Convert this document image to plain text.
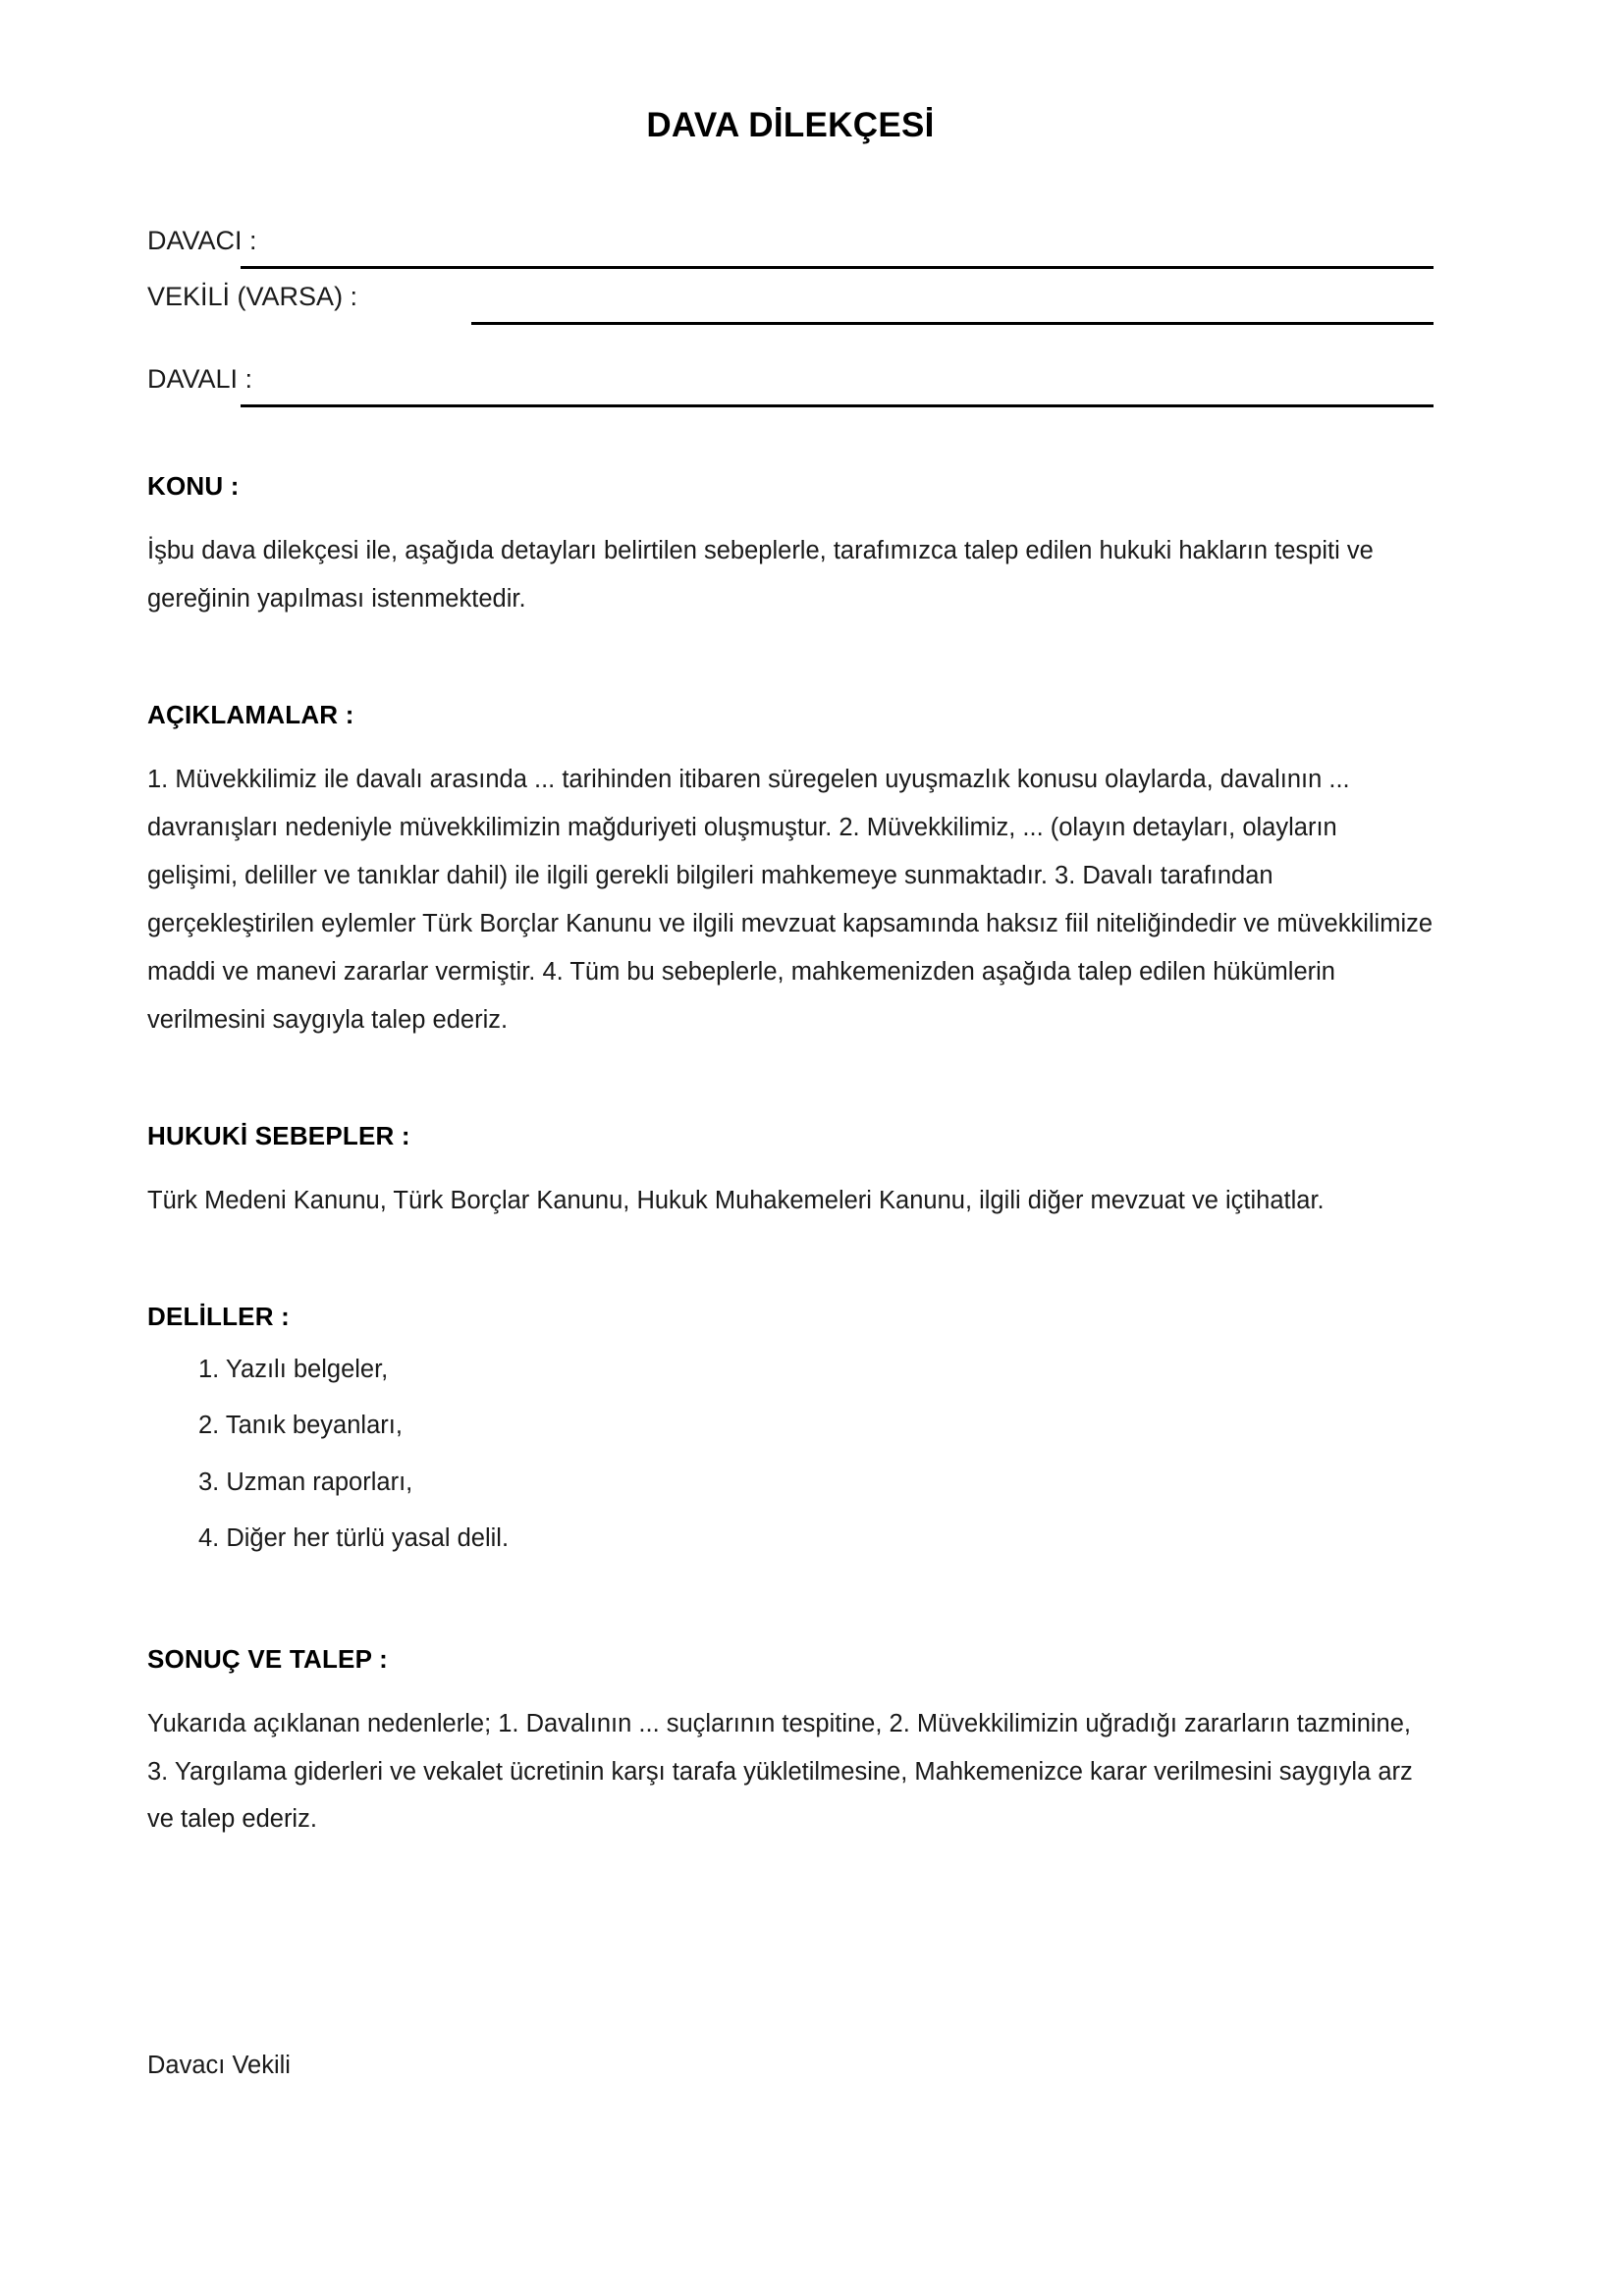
DAVA DİLEKÇESİ
DAVACI :
VEKİLİ (VARSA) :
DAVALI :
KONU :

İşbu dava dilekçesi ile, aşağıda detayları belirtilen sebeplerle, tarafımızca talep edilen hukuki hakların tespiti ve gereğinin yapılması istenmektedir.

AÇIKLAMALAR :

1. Müvekkilimiz ile davalı arasında ... tarihinden itibaren süregelen uyuşmazlık konusu olaylarda, davalının ... davranışları nedeniyle müvekkilimizin mağduriyeti oluşmuştur. 2. Müvekkilimiz, ... (olayın detayları, olayların gelişimi, deliller ve tanıklar dahil) ile ilgili gerekli bilgileri mahkemeye sunmaktadır. 3. Davalı tarafından gerçekleştirilen eylemler Türk Borçlar Kanunu ve ilgili mevzuat kapsamında haksız fiil niteliğindedir ve müvekkilimize maddi ve manevi zararlar vermiştir. 4. Tüm bu sebeplerle, mahkemenizden aşağıda talep edilen hükümlerin verilmesini saygıyla talep ederiz.

HUKUKİ SEBEPLER :

Türk Medeni Kanunu, Türk Borçlar Kanunu, Hukuk Muhakemeleri Kanunu, ilgili diğer mevzuat ve içtihatlar.

DELİLLER :
1. Yazılı belgeler,
2. Tanık beyanları,
3. Uzman raporları,
4. Diğer her türlü yasal delil.
SONUÇ VE TALEP :

Yukarıda açıklanan nedenlerle; 1. Davalının ... suçlarının tespitine, 2. Müvekkilimizin uğradığı zararların tazminine, 3. Yargılama giderleri ve vekalet ücretinin karşı tarafa yükletilmesine, Mahkemenizce karar verilmesini saygıyla arz ve talep ederiz.

Davacı Vekili
